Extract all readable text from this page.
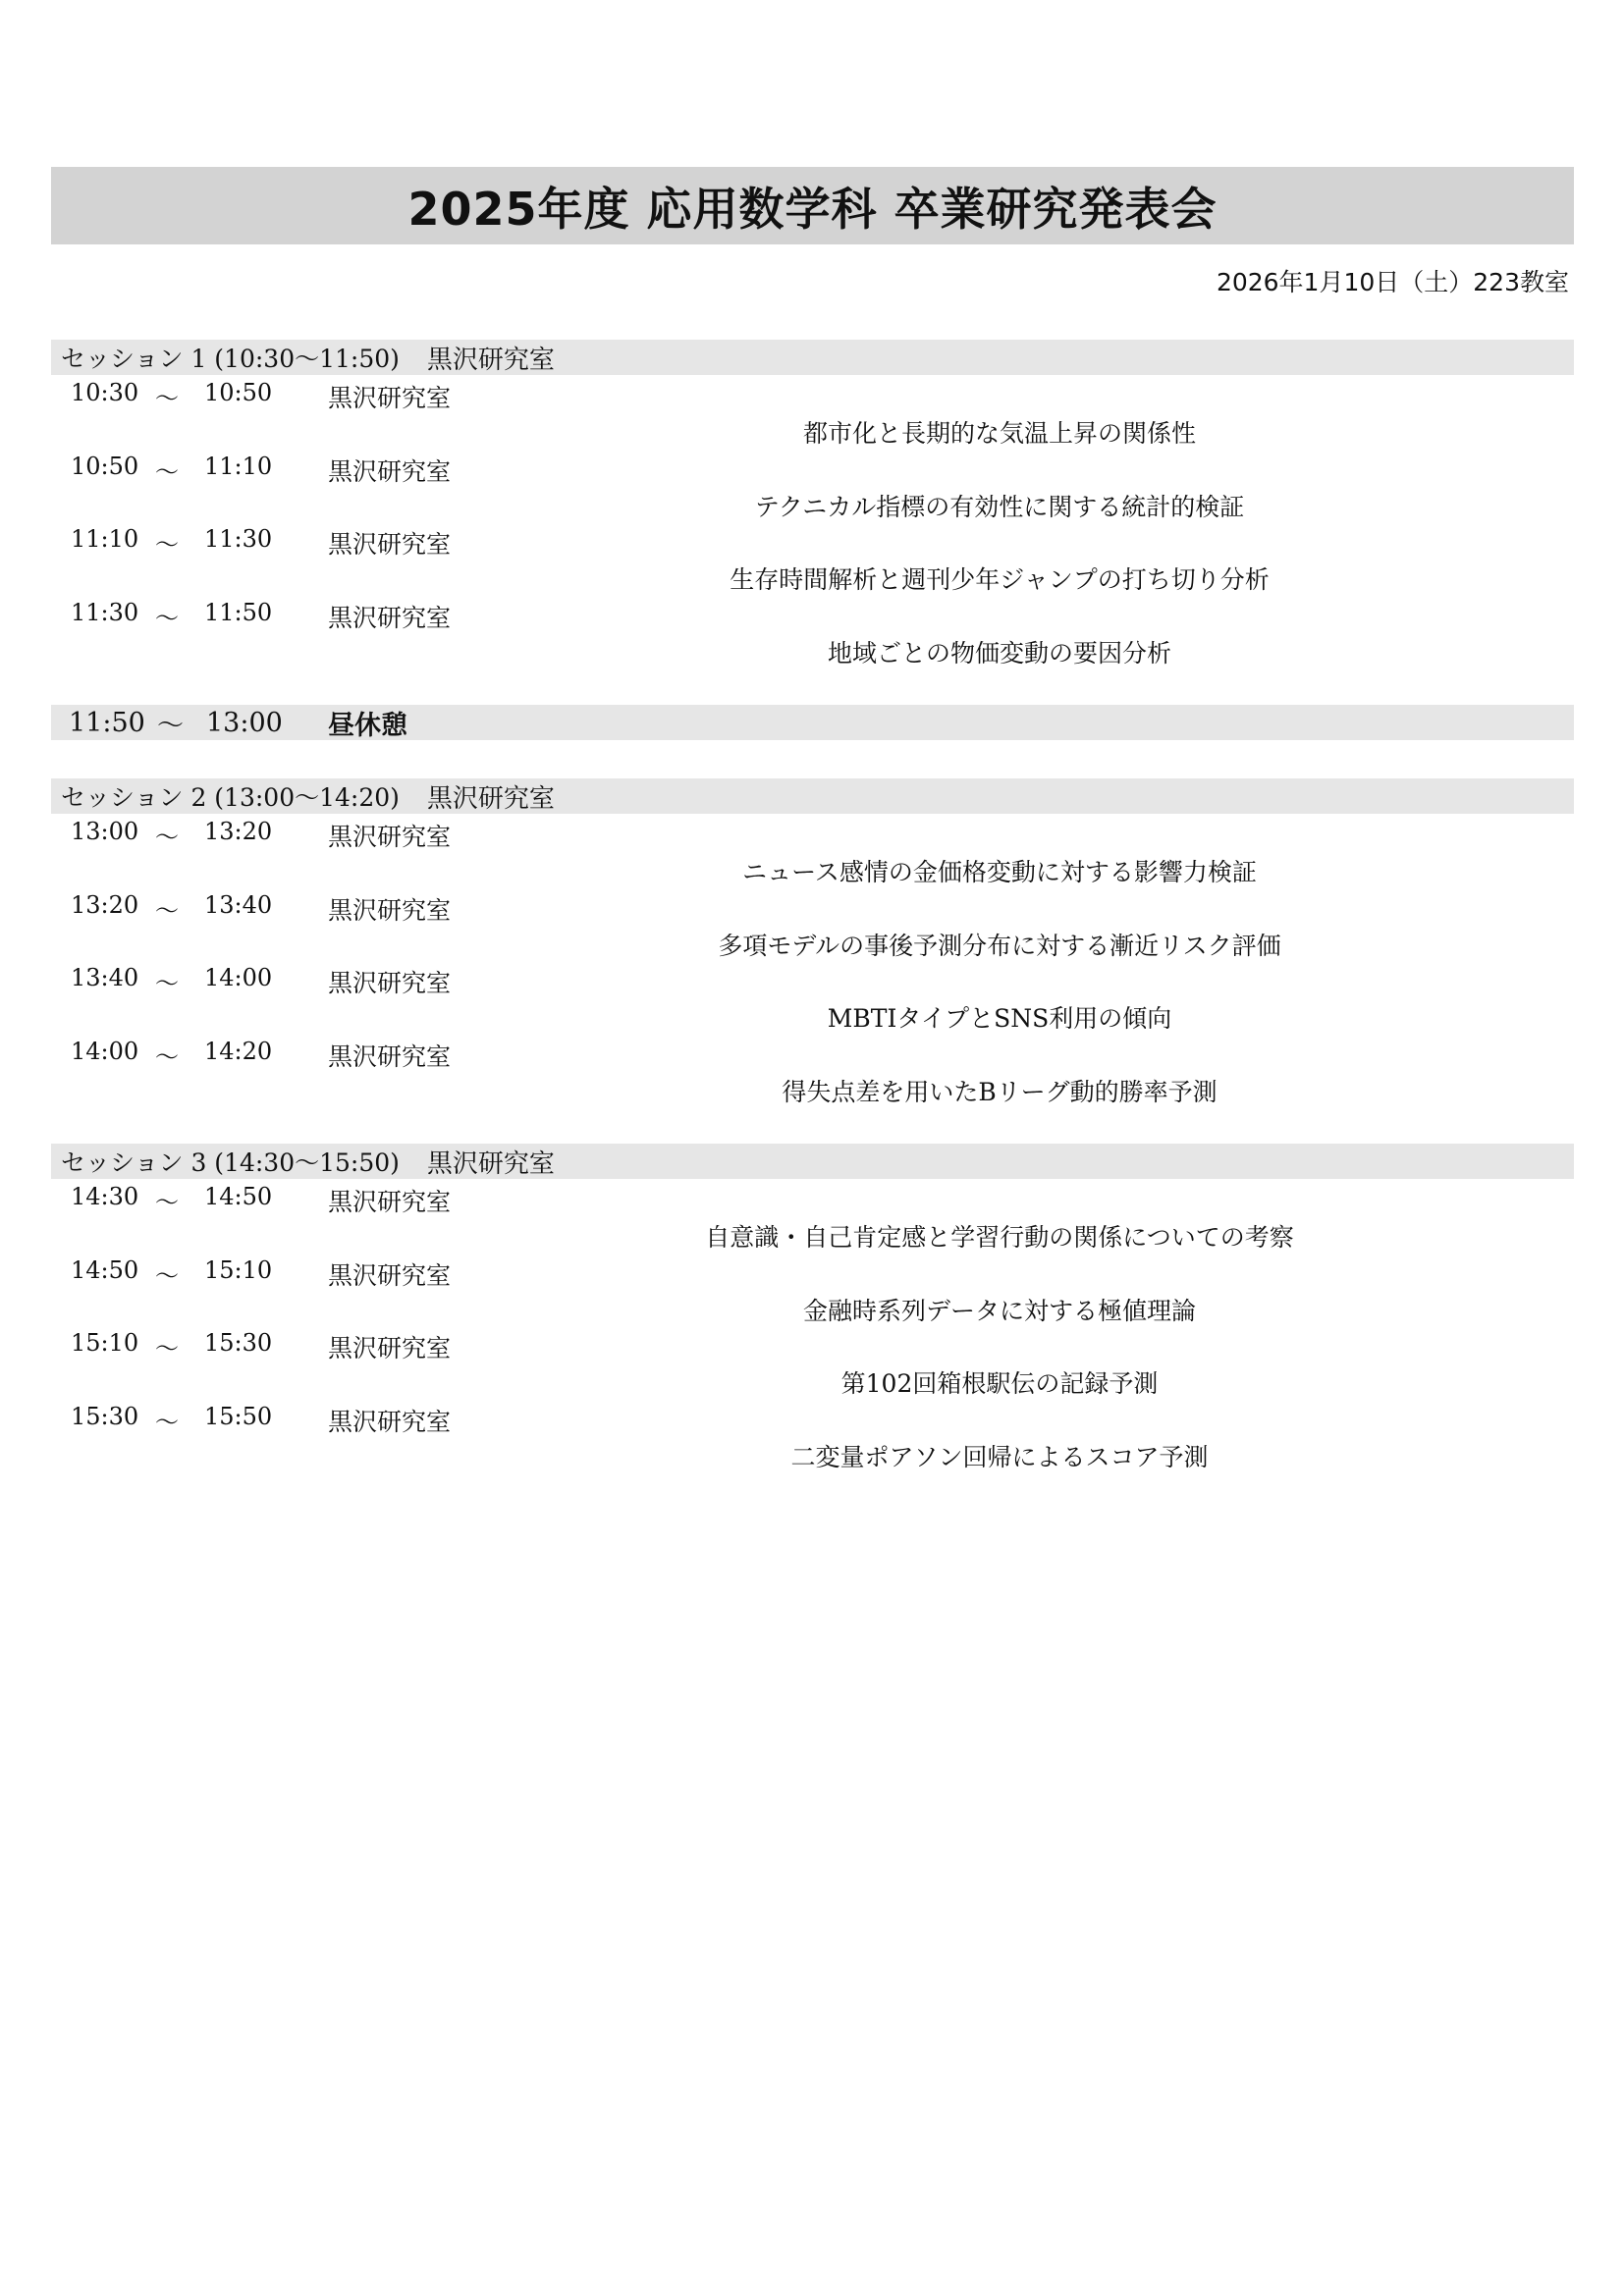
2025年度 応用数学科 卒業研究発表会
2026年1月10日（土）223教室
セッション 1 (10:30〜11:50) 黒沢研究室
10:30 〜	10:50 黒沢研究室
都市化と長期的な気温上昇の関係性
10:50 〜	11:10 黒沢研究室
テクニカル指標の有効性に関する統計的検証
11:10 〜	11:30 黒沢研究室
生存時間解析と週刊少年ジャンプの打ち切り分析
11:30 〜	11:50 黒沢研究室
地域ごとの物価変動の要因分析
11:50 〜 13:00	昼休憩
セッション 2 (13:00〜14:20) 黒沢研究室
13:00 〜	13:20 黒沢研究室
ニュース感情の金価格変動に対する影響力検証
13:20 〜	13:40 黒沢研究室
多項モデルの事後予測分布に対する漸近リスク評価
13:40 〜	14:00 黒沢研究室
MBTIタイプとSNS利用の傾向
14:00 〜	14:20 黒沢研究室
得失点差を用いたBリーグ動的勝率予測
セッション 3 (14:30〜15:50) 黒沢研究室
14:30 〜	14:50 黒沢研究室
自意識・自己肯定感と学習行動の関係についての考察
14:50 〜	15:10 黒沢研究室
金融時系列データに対する極値理論
15:10 〜	15:30 黒沢研究室
第102回箱根駅伝の記録予測
15:30 〜	15:50 黒沢研究室
二変量ポアソン回帰によるスコア予測
